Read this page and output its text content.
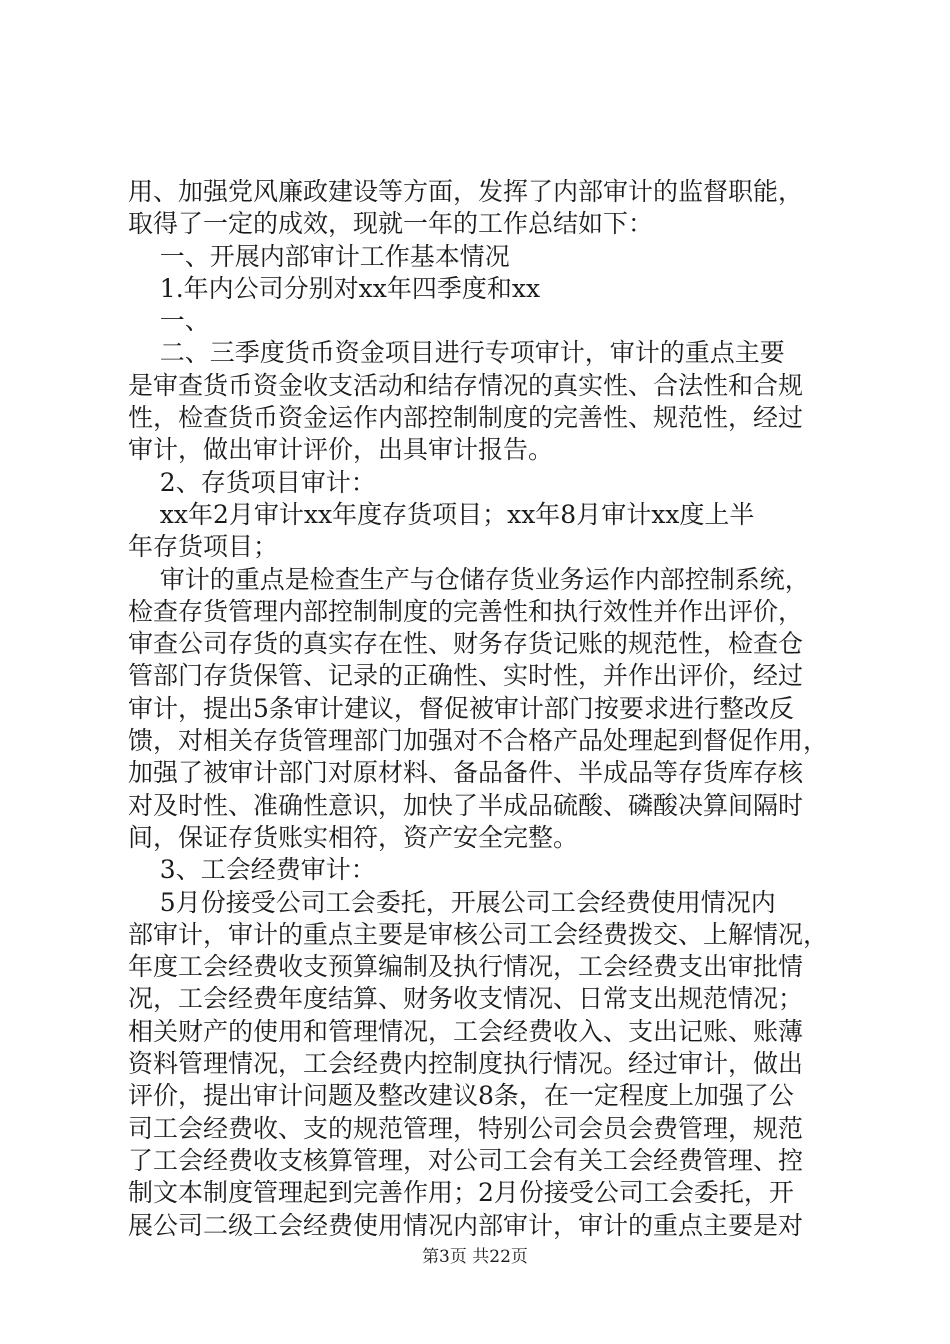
用、加强党风廉政建设等方面，发挥了内部审计的监督职能，
取得了一定的成效，现就一年的工作总结如下：

一、开展内部审计工作基本情况

1.年内公司分别对xx年四季度和xx

一、

二、三季度货币资金项目进行专项审计，审计的重点主要
是审查货币资金收支活动和结存情况的真实性、合法性和合规
性，检查货币资金运作内部控制制度的完善性、规范性，经过
审计，做出审计评价，出具审计报告。

2、存货项目审计：

xx年2月审计xx年度存货项目；xx年8月审计xx度上半
年存货项目；

审计的重点是检查生产与仓储存货业务运作内部控制系统，
检查存货管理内部控制制度的完善性和执行效性并作出评价，
审查公司存货的真实存在性、财务存货记账的规范性，检查仓
管部门存货保管、记录的正确性、实时性，并作出评价，经过
审计，提出5条审计建议，督促被审计部门按要求进行整改反
馈，对相关存货管理部门加强对不合格产品处理起到督促作用，
加强了被审计部门对原材料、备品备件、半成品等存货库存核
对及时性、准确性意识，加快了半成品硫酸、磷酸决算间隔时
间，保证存货账实相符，资产安全完整。

3、工会经费审计：

5月份接受公司工会委托，开展公司工会经费使用情况内
部审计，审计的重点主要是审核公司工会经费拨交、上解情况，
年度工会经费收支预算编制及执行情况，工会经费支出审批情
况，工会经费年度结算、财务收支情况、日常支出规范情况；
相关财产的使用和管理情况，工会经费收入、支出记账、账薄
资料管理情况，工会经费内控制度执行情况。经过审计，做出
评价，提出审计问题及整改建议8条，在一定程度上加强了公
司工会经费收、支的规范管理，特别公司会员会费管理，规范
了工会经费收支核算管理，对公司工会有关工会经费管理、控
制文本制度管理起到完善作用；2月份接受公司工会委托，开
展公司二级工会经费使用情况内部审计，审计的重点主要是对

第3页 共22页
